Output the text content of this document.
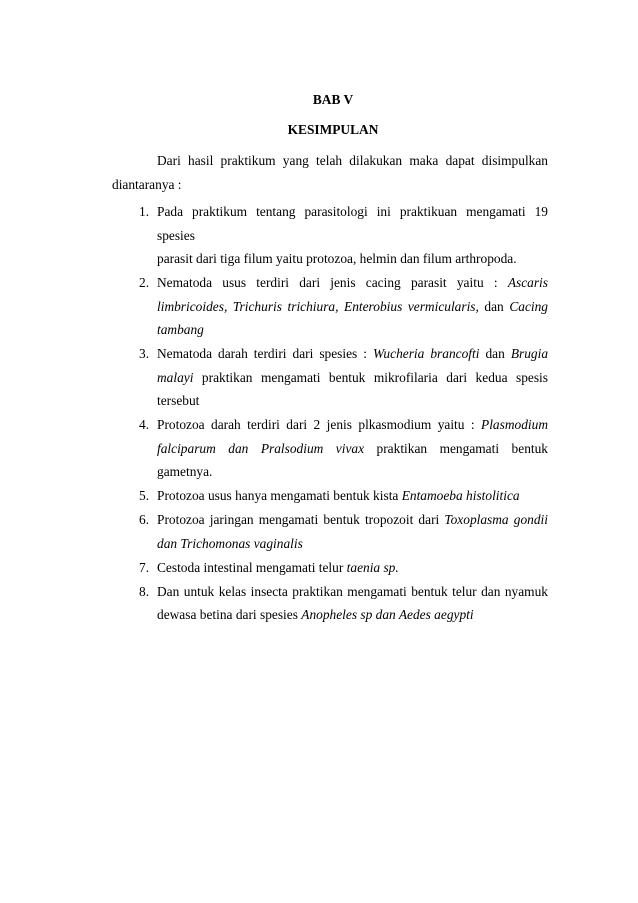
BAB V
KESIMPULAN
Dari hasil praktikum yang telah dilakukan maka dapat disimpulkan diantaranya :
1. Pada praktikum tentang parasitologi ini praktikuan mengamati 19 spesies
parasit dari tiga filum yaitu protozoa, helmin dan filum arthropoda.
2. Nematoda usus terdiri dari jenis cacing parasit yaitu : Ascaris
limbricoides, Trichuris trichiura, Enterobius vermicularis, dan Cacing
tambang
3. Nematoda darah terdiri dari spesies : Wucheria brancofti dan Brugia
malayi praktikan mengamati bentuk mikrofilaria dari kedua spesis tersebut
4. Protozoa darah terdiri dari 2 jenis plkasmodium yaitu : Plasmodium
falciparum dan Pralsodium vivax praktikan mengamati bentuk gametnya.
5. Protozoa usus hanya mengamati bentuk kista Entamoeba histolitica
6. Protozoa jaringan mengamati bentuk tropozoit dari Toxoplasma gondii
dan Trichomonas vaginalis
7. Cestoda intestinal mengamati telur taenia sp.
8. Dan untuk kelas insecta praktikan mengamati bentuk telur dan nyamuk
dewasa betina dari spesies Anopheles sp dan Aedes aegypti
